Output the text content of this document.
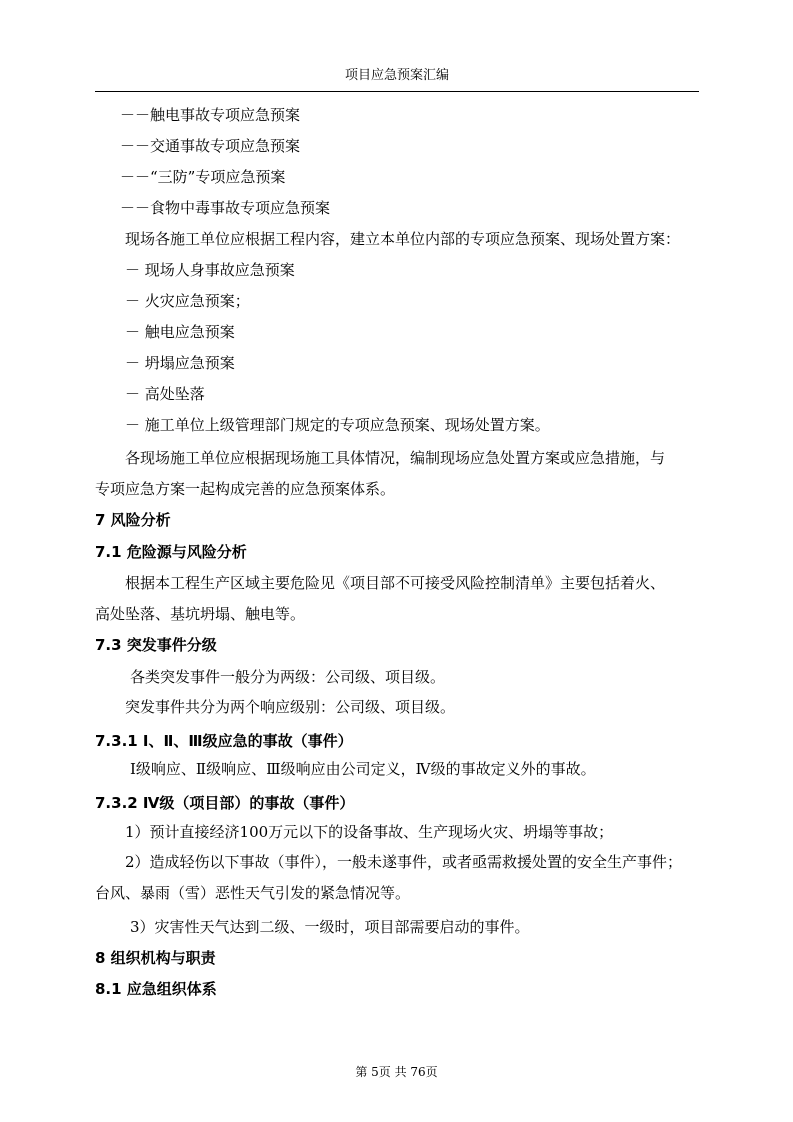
项目应急预案汇编
－－触电事故专项应急预案
－－交通事故专项应急预案
－－“三防”专项应急预案
－－食物中毒事故专项应急预案
现场各施工单位应根据工程内容，建立本单位内部的专项应急预案、现场处置方案：
－ 现场人身事故应急预案
－ 火灾应急预案；
－ 触电应急预案
－ 坍塌应急预案
－ 高处坠落
－ 施工单位上级管理部门规定的专项应急预案、现场处置方案。
各现场施工单位应根据现场施工具体情况，编制现场应急处置方案或应急措施，与
专项应急方案一起构成完善的应急预案体系。
7 风险分析
7.1 危险源与风险分析
根据本工程生产区域主要危险见《项目部不可接受风险控制清单》主要包括着火、
高处坠落、基坑坍塌、触电等。
7.3 突发事件分级
各类突发事件一般分为两级：公司级、项目级。
突发事件共分为两个响应级别：公司级、项目级。
7.3.1 Ⅰ、Ⅱ、Ⅲ级应急的事故（事件）
Ⅰ级响应、Ⅱ级响应、Ⅲ级响应由公司定义，Ⅳ级的事故定义外的事故。
7.3.2 Ⅳ级（项目部）的事故（事件）
1）预计直接经济100万元以下的设备事故、生产现场火灾、坍塌等事故；
2）造成轻伤以下事故（事件），一般未遂事件，或者亟需救援处置的安全生产事件；
台风、暴雨（雪）恶性天气引发的紧急情况等。
3）灾害性天气达到二级、一级时，项目部需要启动的事件。
8 组织机构与职责
8.1 应急组织体系
第 5页 共 76页
